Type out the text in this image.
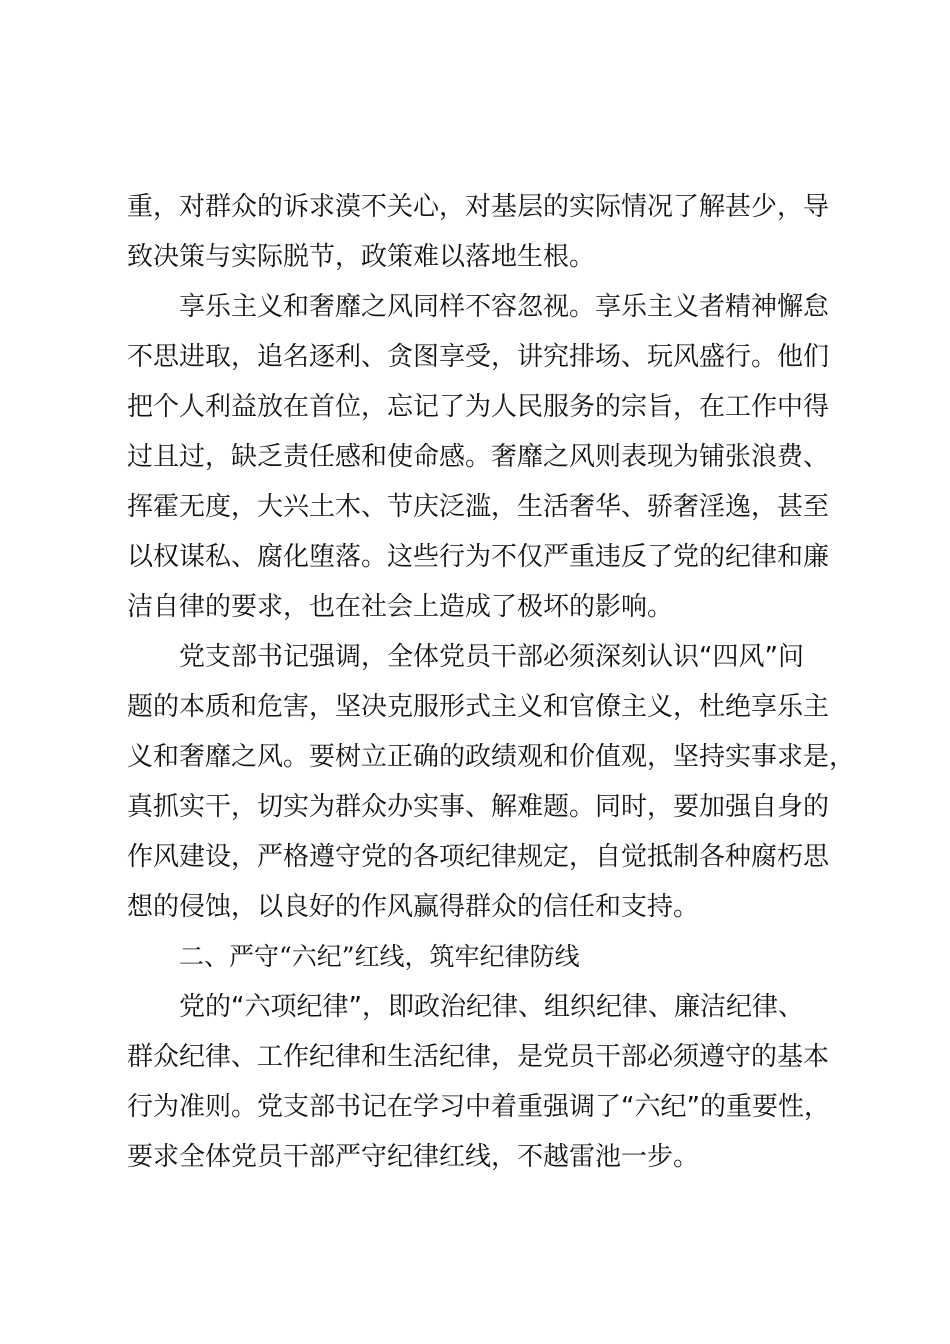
重，对群众的诉求漠不关心，对基层的实际情况了解甚少，导
致决策与实际脱节，政策难以落地生根。
享乐主义和奢靡之风同样不容忽视。享乐主义者精神懈怠
不思进取，追名逐利、贪图享受，讲究排场、玩风盛行。他们
把个人利益放在首位，忘记了为人民服务的宗旨，在工作中得
过且过，缺乏责任感和使命感。奢靡之风则表现为铺张浪费、
挥霍无度，大兴土木、节庆泛滥，生活奢华、骄奢淫逸，甚至
以权谋私、腐化堕落。这些行为不仅严重违反了党的纪律和廉
洁自律的要求，也在社会上造成了极坏的影响。
党支部书记强调，全体党员干部必须深刻认识“四风”问
题的本质和危害，坚决克服形式主义和官僚主义，杜绝享乐主
义和奢靡之风。要树立正确的政绩观和价值观，坚持实事求是，
真抓实干，切实为群众办实事、解难题。同时，要加强自身的
作风建设，严格遵守党的各项纪律规定，自觉抵制各种腐朽思
想的侵蚀，以良好的作风赢得群众的信任和支持。
二、严守“六纪”红线，筑牢纪律防线
党的“六项纪律”，即政治纪律、组织纪律、廉洁纪律、
群众纪律、工作纪律和生活纪律，是党员干部必须遵守的基本
行为准则。党支部书记在学习中着重强调了“六纪”的重要性，
要求全体党员干部严守纪律红线，不越雷池一步。
